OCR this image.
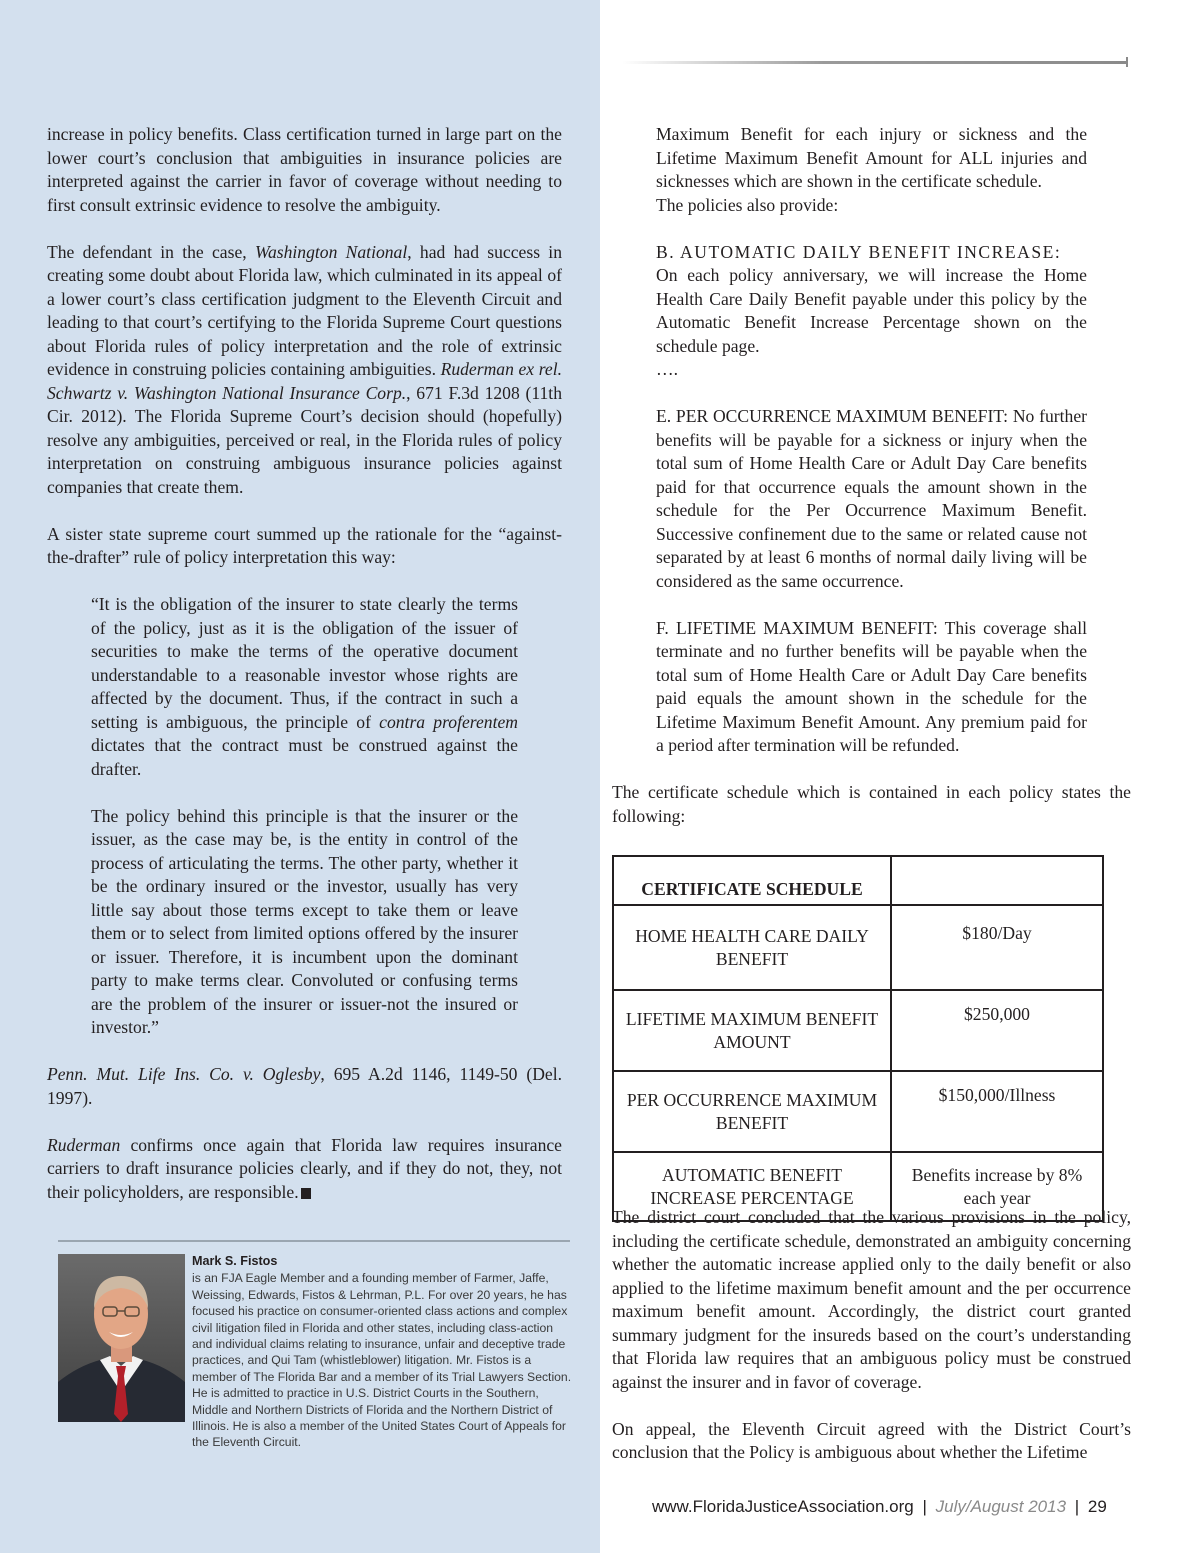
increase in policy benefits. Class certification turned in large part on the lower court’s conclusion that ambiguities in insurance policies are interpreted against the carrier in favor of coverage without needing to first consult extrinsic evidence to resolve the ambiguity.

The defendant in the case, Washington National, had had success in creating some doubt about Florida law, which culminated in its appeal of a lower court’s class certification judgment to the Eleventh Circuit and leading to that court’s certifying to the Florida Supreme Court questions about Florida rules of policy interpretation and the role of extrinsic evidence in construing policies containing ambiguities. Ruderman ex rel. Schwartz v. Washington National Insurance Corp., 671 F.3d 1208 (11th Cir. 2012). The Florida Supreme Court’s decision should (hopefully) resolve any ambiguities, perceived or real, in the Florida rules of policy interpretation on construing ambiguous insurance policies against companies that create them.

A sister state supreme court summed up the rationale for the “against-the-drafter” rule of policy interpretation this way:

“It is the obligation of the insurer to state clearly the terms of the policy, just as it is the obligation of the issuer of securities to make the terms of the operative document understandable to a reasonable investor whose rights are affected by the document. Thus, if the contract in such a setting is ambiguous, the principle of contra proferentem dictates that the contract must be construed against the drafter.

The policy behind this principle is that the insurer or the issuer, as the case may be, is the entity in control of the process of articulating the terms. The other party, whether it be the ordinary insured or the investor, usually has very little say about those terms except to take them or leave them or to select from limited options offered by the insurer or issuer. Therefore, it is incumbent upon the dominant party to make terms clear. Convoluted or confusing terms are the problem of the insurer or issuer-not the insured or investor.”

Penn. Mut. Life Ins. Co. v. Oglesby, 695 A.2d 1146, 1149-50 (Del. 1997).

Ruderman confirms once again that Florida law requires insurance carriers to draft insurance policies clearly, and if they do not, they, not their policyholders, are responsible.

Mark S. Fistos
is an FJA Eagle Member and a founding member of Farmer, Jaffe, Weissing, Edwards, Fistos & Lehrman, P.L. For over 20 years, he has focused his practice on consumer-oriented class actions and complex civil litigation filed in Florida and other states, including class-action and individual claims relating to insurance, unfair and deceptive trade practices, and Qui Tam (whistleblower) litigation. Mr. Fistos is a member of The Florida Bar and a member of its Trial Lawyers Section. He is admitted to practice in U.S. District Courts in the Southern, Middle and Northern Districts of Florida and the Northern District of Illinois. He is also a member of the United States Court of Appeals for the Eleventh Circuit.

Maximum Benefit for each injury or sickness and the Lifetime Maximum Benefit Amount for ALL injuries and sicknesses which are shown in the certificate schedule.

The policies also provide:

B. AUTOMATIC DAILY BENEFIT INCREASE:

On each policy anniversary, we will increase the Home Health Care Daily Benefit payable under this policy by the Automatic Benefit Increase Percentage shown on the schedule page.

….

E. PER OCCURRENCE MAXIMUM BENEFIT: No further benefits will be payable for a sickness or injury when the total sum of Home Health Care or Adult Day Care benefits paid for that occurrence equals the amount shown in the schedule for the Per Occurrence Maximum Benefit. Successive confinement due to the same or related cause not separated by at least 6 months of normal daily living will be considered as the same occurrence.

F. LIFETIME MAXIMUM BENEFIT: This coverage shall terminate and no further benefits will be payable when the total sum of Home Health Care or Adult Day Care benefits paid equals the amount shown in the schedule for the Lifetime Maximum Benefit Amount. Any premium paid for a period after termination will be refunded.

The certificate schedule which is contained in each policy states the following:

CERTIFICATE SCHEDULE	
HOME HEALTH CARE DAILY BENEFIT	$180/Day
LIFETIME MAXIMUM BENEFIT AMOUNT	$250,000
PER OCCURRENCE MAXIMUM BENEFIT	$150,000/Illness
AUTOMATIC BENEFIT INCREASE PERCENTAGE	Benefits increase by 8% each year

The district court concluded that the various provisions in the policy, including the certificate schedule, demonstrated an ambiguity concerning whether the automatic increase applied only to the daily benefit or also applied to the lifetime maximum benefit amount and the per occurrence maximum benefit amount. Accordingly, the district court granted summary judgment for the insureds based on the court’s understanding that Florida law requires that an ambiguous policy must be construed against the insurer and in favor of coverage.

On appeal, the Eleventh Circuit agreed with the District Court’s conclusion that the Policy is ambiguous about whether the Lifetime

www.FloridaJusticeAssociation.org | July/August 2013 | 29
